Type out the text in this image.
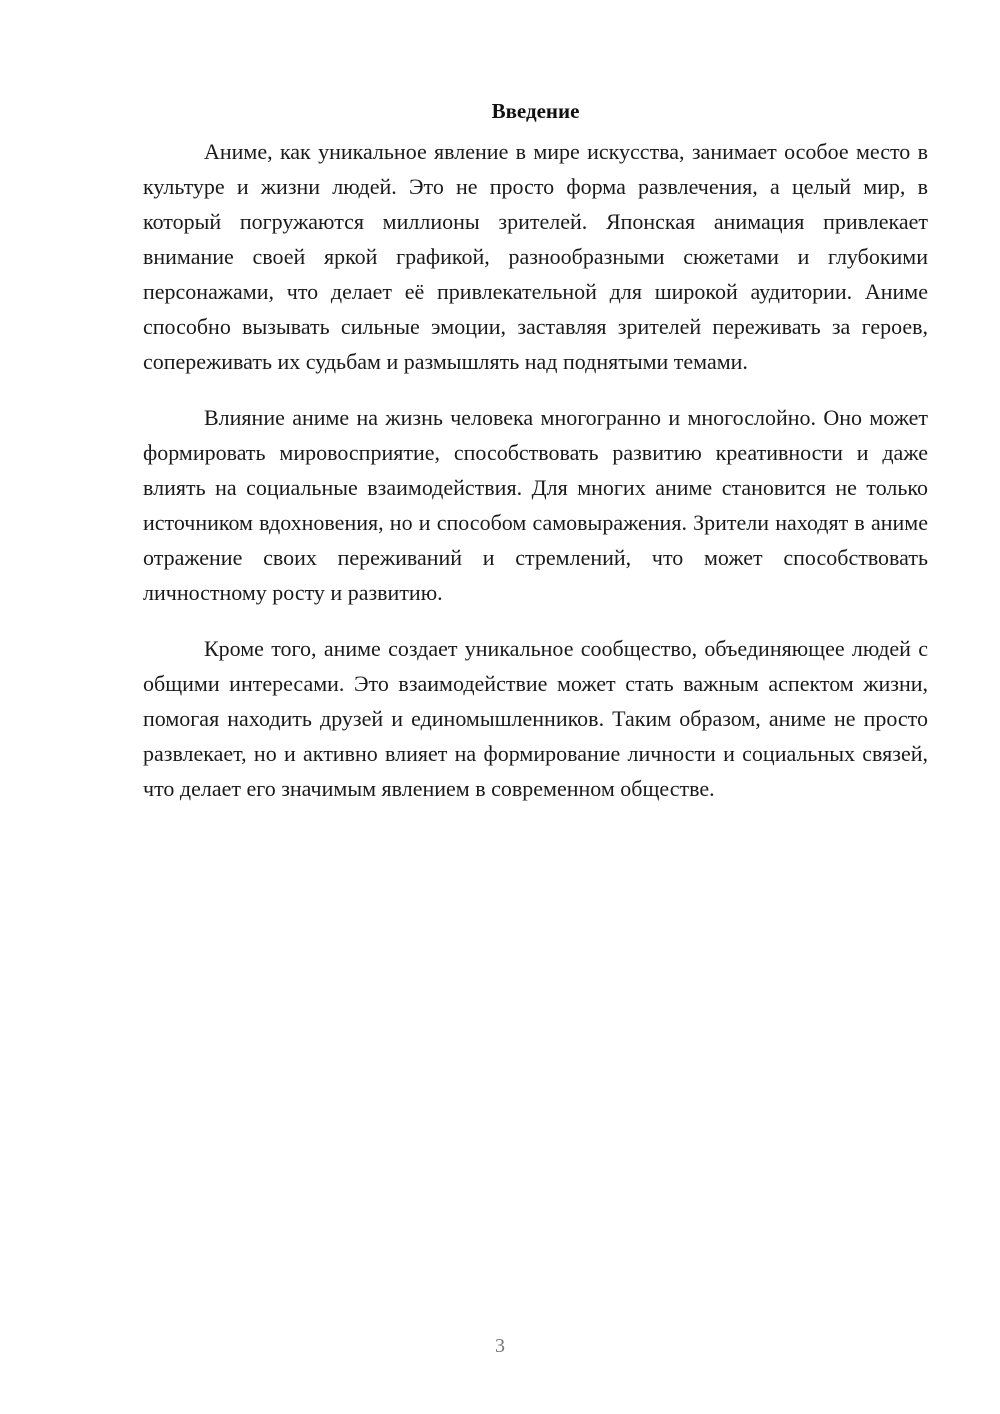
Введение

Аниме, как уникальное явление в мире искусства, занимает особое место в культуре и жизни людей. Это не просто форма развлечения, а целый мир, в который погружаются миллионы зрителей. Японская анимация привлекает внимание своей яркой графикой, разнообразными сюжетами и глубокими персонажами, что делает её привлекательной для широкой аудитории. Аниме способно вызывать сильные эмоции, заставляя зрителей переживать за героев, сопереживать их судьбам и размышлять над поднятыми темами.

Влияние аниме на жизнь человека многогранно и многослойно. Оно может формировать мировосприятие, способствовать развитию креативности и даже влиять на социальные взаимодействия. Для многих аниме становится не только источником вдохновения, но и способом самовыражения. Зрители находят в аниме отражение своих переживаний и стремлений, что может способствовать личностному росту и развитию.

Кроме того, аниме создает уникальное сообщество, объединяющее людей с общими интересами. Это взаимодействие может стать важным аспектом жизни, помогая находить друзей и единомышленников. Таким образом, аниме не просто развлекает, но и активно влияет на формирование личности и социальных связей, что делает его значимым явлением в современном обществе.

3
